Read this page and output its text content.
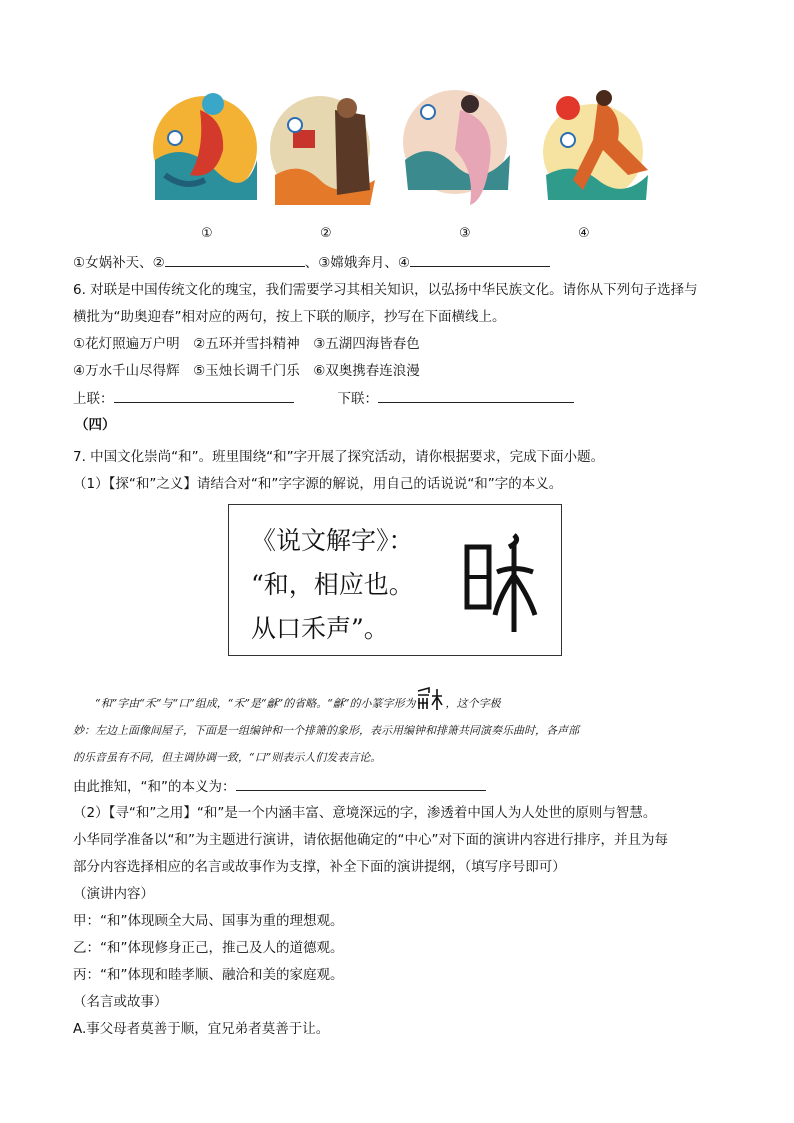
①	②	③	④
①女娲补天、②	、③嫦娥奔月、④
6. 对联是中国传统文化的瑰宝，我们需要学习其相关知识，以弘扬中华民族文化。请你从下列句子选择与
横批为“助奥迎春”相对应的两句，按上下联的顺序，抄写在下面横线上。
①花灯照遍万户明　②五环并雪抖精神　③五湖四海皆春色
④万水千山尽得辉　⑤玉烛长调千门乐　⑥双奥携春连浪漫
上联：	下联：
（四）
7. 中国文化崇尚“和”。班里围绕“和”字开展了探究活动，请你根据要求，完成下面小题。
（1）【探“和”之义】请结合对“和”字字源的解说，用自己的话说说“和”字的本义。
《说文解字》：
“和，相应也。
从口禾声”。
“和”字由“禾”与“口”组成，“禾”是“龢”的省略。“龢”的小篆字形为	，这个字极
妙：左边上面像间屋子，下面是一组编钟和一个排箫的象形，表示用编钟和排箫共同演奏乐曲时，各声部
的乐音虽有不同，但主调协调一致，“口”则表示人们发表言论。
由此推知，“和”的本义为：
（2）【寻“和”之用】“和”是一个内涵丰富、意境深远的字，渗透着中国人为人处世的原则与智慧。
小华同学准备以“和”为主题进行演讲，请依据他确定的“中心”对下面的演讲内容进行排序，并且为每
部分内容选择相应的名言或故事作为支撑，补全下面的演讲提纲，（填写序号即可）
（演讲内容）
甲：“和”体现顾全大局、国事为重的理想观。
乙：“和”体现修身正己，推己及人的道德观。
丙：“和”体现和睦孝顺、融洽和美的家庭观。
（名言或故事）
A.事父母者莫善于顺，宜兄弟者莫善于让。
